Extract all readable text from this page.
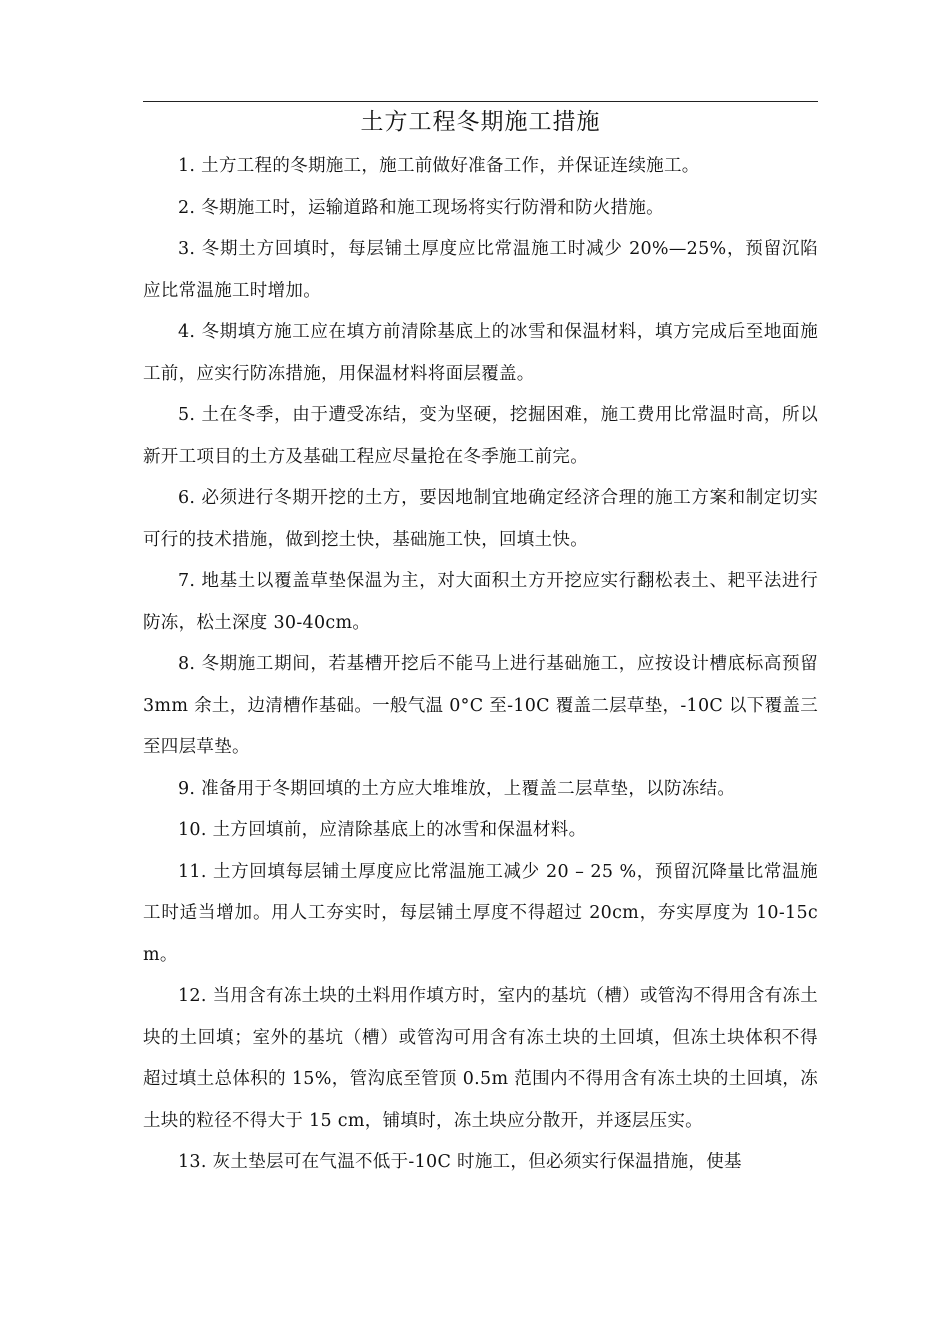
土方工程冬期施工措施

1. 土方工程的冬期施工，施工前做好准备工作，并保证连续施工。

2. 冬期施工时，运输道路和施工现场将实行防滑和防火措施。

3. 冬期土方回填时，每层铺土厚度应比常温施工时减少 20%—25%，预留沉陷应比常温施工时增加。

4. 冬期填方施工应在填方前清除基底上的冰雪和保温材料，填方完成后至地面施工前，应实行防冻措施，用保温材料将面层覆盖。

5. 土在冬季，由于遭受冻结，变为坚硬，挖掘困难，施工费用比常温时高，所以新开工项目的土方及基础工程应尽量抢在冬季施工前完。

6. 必须进行冬期开挖的土方，要因地制宜地确定经济合理的施工方案和制定切实可行的技术措施，做到挖土快，基础施工快，回填土快。

7. 地基土以覆盖草垫保温为主，对大面积土方开挖应实行翻松表土、耙平法进行防冻，松土深度 30-40cm。

8. 冬期施工期间，若基槽开挖后不能马上进行基础施工，应按设计槽底标高预留 3mm 余土，边清槽作基础。一般气温 0°C 至-10C 覆盖二层草垫，-10C 以下覆盖三至四层草垫。

9. 准备用于冬期回填的土方应大堆堆放，上覆盖二层草垫，以防冻结。

10. 土方回填前，应清除基底上的冰雪和保温材料。

11. 土方回填每层铺土厚度应比常温施工减少 20 – 25 %，预留沉降量比常温施工时适当增加。用人工夯实时，每层铺土厚度不得超过 20cm，夯实厚度为 10-15cm。

12. 当用含有冻土块的土料用作填方时，室内的基坑（槽）或管沟不得用含有冻土块的土回填；室外的基坑（槽）或管沟可用含有冻土块的土回填，但冻土块体积不得超过填土总体积的 15%，管沟底至管顶 0.5m 范围内不得用含有冻土块的土回填，冻土块的粒径不得大于 15 cm，铺填时，冻土块应分散开，并逐层压实。

13. 灰土垫层可在气温不低于-10C 时施工，但必须实行保温措施，使基
